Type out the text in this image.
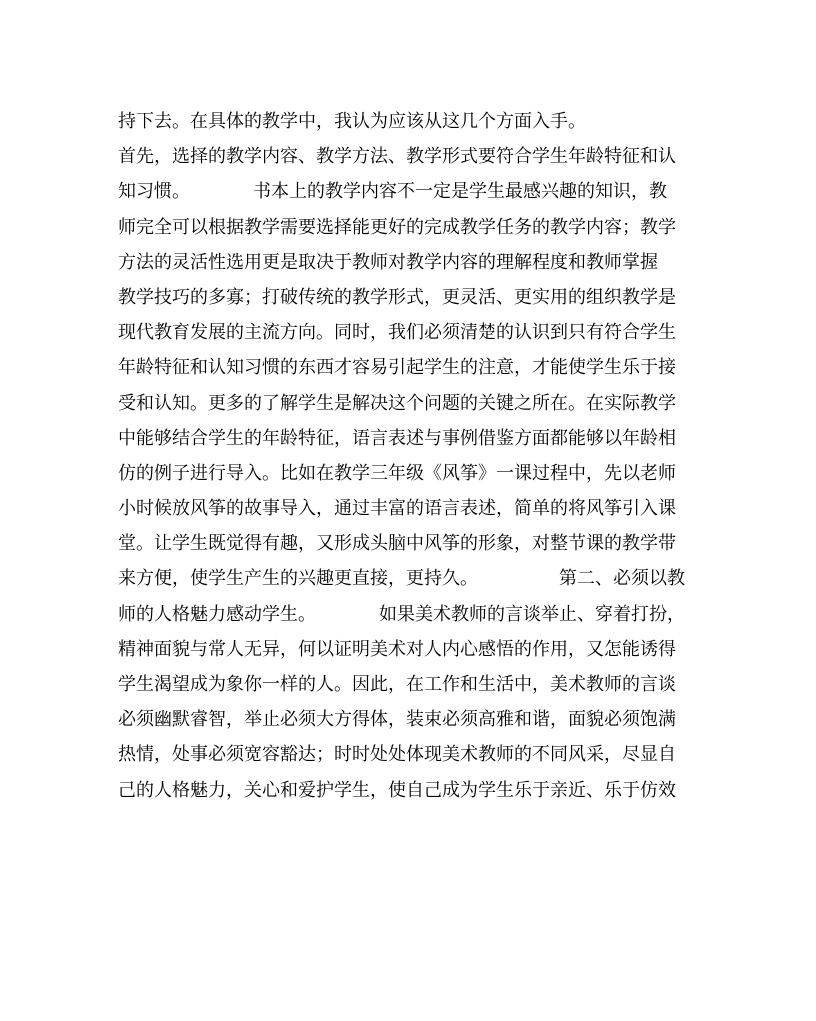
持下去。在具体的教学中，我认为应该从这几个方面入手。
首先，选择的教学内容、教学方法、教学形式要符合学生年龄特征和认
知习惯。　　　　书本上的教学内容不一定是学生最感兴趣的知识，教
师完全可以根据教学需要选择能更好的完成教学任务的教学内容；教学
方法的灵活性选用更是取决于教师对教学内容的理解程度和教师掌握
教学技巧的多寡；打破传统的教学形式，更灵活、更实用的组织教学是
现代教育发展的主流方向。同时，我们必须清楚的认识到只有符合学生
年龄特征和认知习惯的东西才容易引起学生的注意，才能使学生乐于接
受和认知。更多的了解学生是解决这个问题的关键之所在。在实际教学
中能够结合学生的年龄特征，语言表述与事例借鉴方面都能够以年龄相
仿的例子进行导入。比如在教学三年级《风筝》一课过程中，先以老师
小时候放风筝的故事导入，通过丰富的语言表述，简单的将风筝引入课
堂。让学生既觉得有趣，又形成头脑中风筝的形象，对整节课的教学带
来方便，使学生产生的兴趣更直接，更持久。　　　　　第二、必须以教
师的人格魅力感动学生。　　　　如果美术教师的言谈举止、穿着打扮，
精神面貌与常人无异，何以证明美术对人内心感悟的作用，又怎能诱得
学生渴望成为象你一样的人。因此，在工作和生活中，美术教师的言谈
必须幽默睿智，举止必须大方得体，装束必须高雅和谐，面貌必须饱满
热情，处事必须宽容豁达；时时处处体现美术教师的不同风采，尽显自
己的人格魅力，关心和爱护学生，使自己成为学生乐于亲近、乐于仿效
